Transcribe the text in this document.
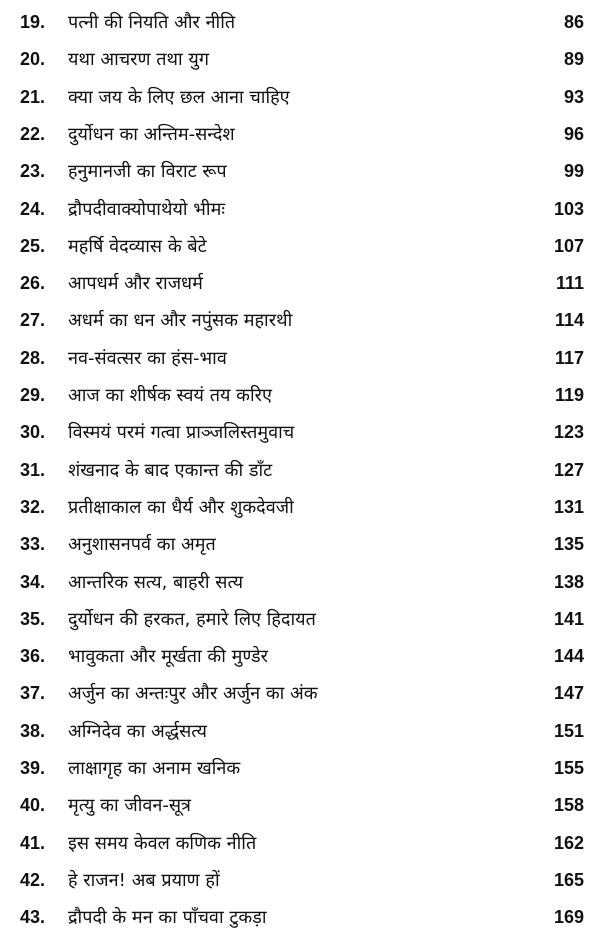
19.	पत्नी की नियति और नीति	86
20.	यथा आचरण तथा युग	89
21.	क्या जय के लिए छल आना चाहिए	93
22.	दुर्योधन का अन्तिम-सन्देश	96
23.	हनुमानजी का विराट रूप	99
24.	द्रौपदीवाक्योपाथेयो भीमः	103
25.	महर्षि वेदव्यास के बेटे	107
26.	आपधर्म और राजधर्म	111
27.	अधर्म का धन और नपुंसक महारथी	114
28.	नव-संवत्सर का हंस-भाव	117
29.	आज का शीर्षक स्वयं तय करिए	119
30.	विस्मयं परमं गत्वा प्राञ्जलिस्तमुवाच	123
31.	शंखनाद के बाद एकान्त की डाँट	127
32.	प्रतीक्षाकाल का धैर्य और शुकदेवजी	131
33.	अनुशासनपर्व का अमृत	135
34.	आन्तरिक सत्य, बाहरी सत्य	138
35.	दुर्योधन की हरकत, हमारे लिए हिदायत	141
36.	भावुकता और मूर्खता की मुण्डेर	144
37.	अर्जुन का अन्तःपुर और अर्जुन का अंक	147
38.	अग्निदेव का अर्द्धसत्य	151
39.	लाक्षागृह का अनाम खनिक	155
40.	मृत्यु का जीवन-सूत्र	158
41.	इस समय केवल कणिक नीति	162
42.	हे राजन! अब प्रयाण हों	165
43.	द्रौपदी के मन का पाँचवा टुकड़ा	169
